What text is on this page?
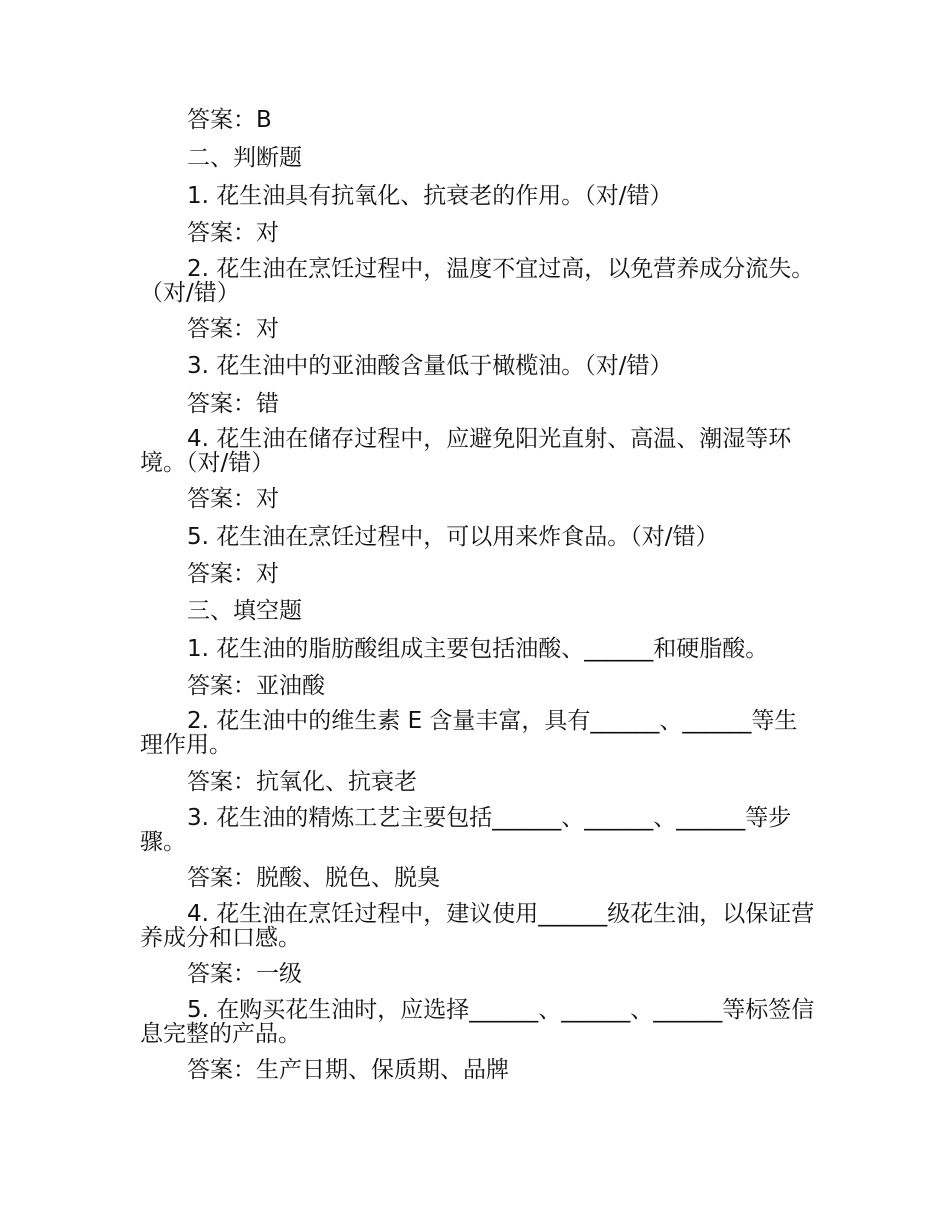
答案：B
二、判断题
1. 花生油具有抗氧化、抗衰老的作用。（对/错）
答案：对
2. 花生油在烹饪过程中，温度不宜过高，以免营养成分流失。（对/错）
答案：对
3. 花生油中的亚油酸含量低于橄榄油。（对/错）
答案：错
4. 花生油在储存过程中，应避免阳光直射、高温、潮湿等环境。（对/错）
答案：对
5. 花生油在烹饪过程中，可以用来炸食品。（对/错）
答案：对
三、填空题
1. 花生油的脂肪酸组成主要包括油酸、______和硬脂酸。
答案：亚油酸
2. 花生油中的维生素 E 含量丰富，具有______、______等生理作用。
答案：抗氧化、抗衰老
3. 花生油的精炼工艺主要包括______、______、______等步骤。
答案：脱酸、脱色、脱臭
4. 花生油在烹饪过程中，建议使用______级花生油，以保证营养成分和口感。
答案：一级
5. 在购买花生油时，应选择______、______、______等标签信息完整的产品。
答案：生产日期、保质期、品牌
